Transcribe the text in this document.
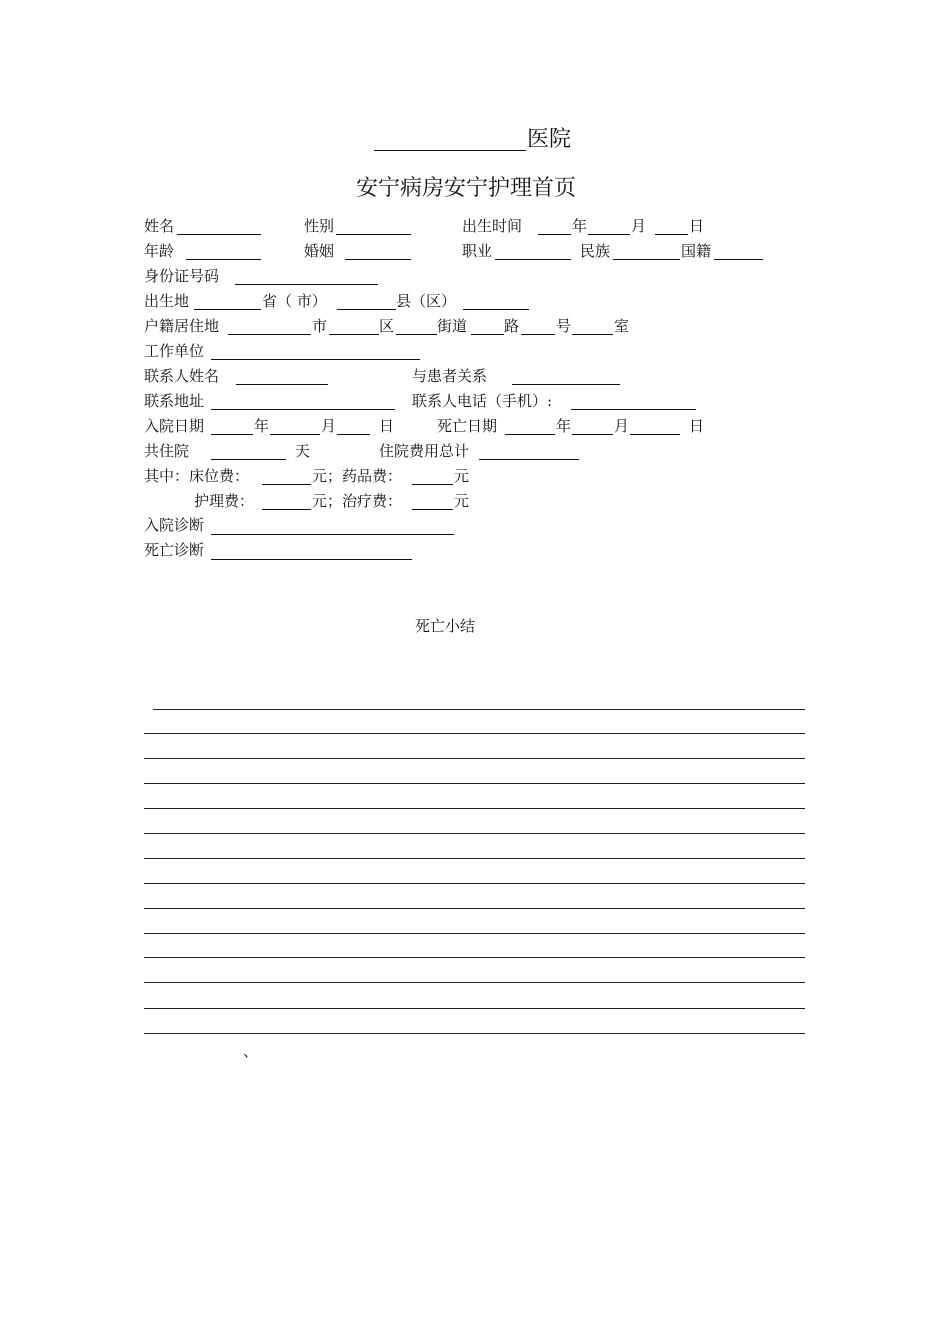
医院
安宁病房安宁护理首页
姓名	性别	出生时间	年	月	日
年龄	婚姻	职业	民族	国籍
身份证号码
出生地	省（ 市）	县（区）
户籍居住地	市	区	街道 路 号	室
工作单位
联系人姓名	与患者关系
联系地址	联系人电话（手机）:
入院日期	年	月	日	死亡日期	年	月	日
共住院	天	住院费用总计
其中：床位费：	元；药品费：	元
护理费：	元；治疗费：	元
入院诊断
死亡诊断
死亡小结
、
